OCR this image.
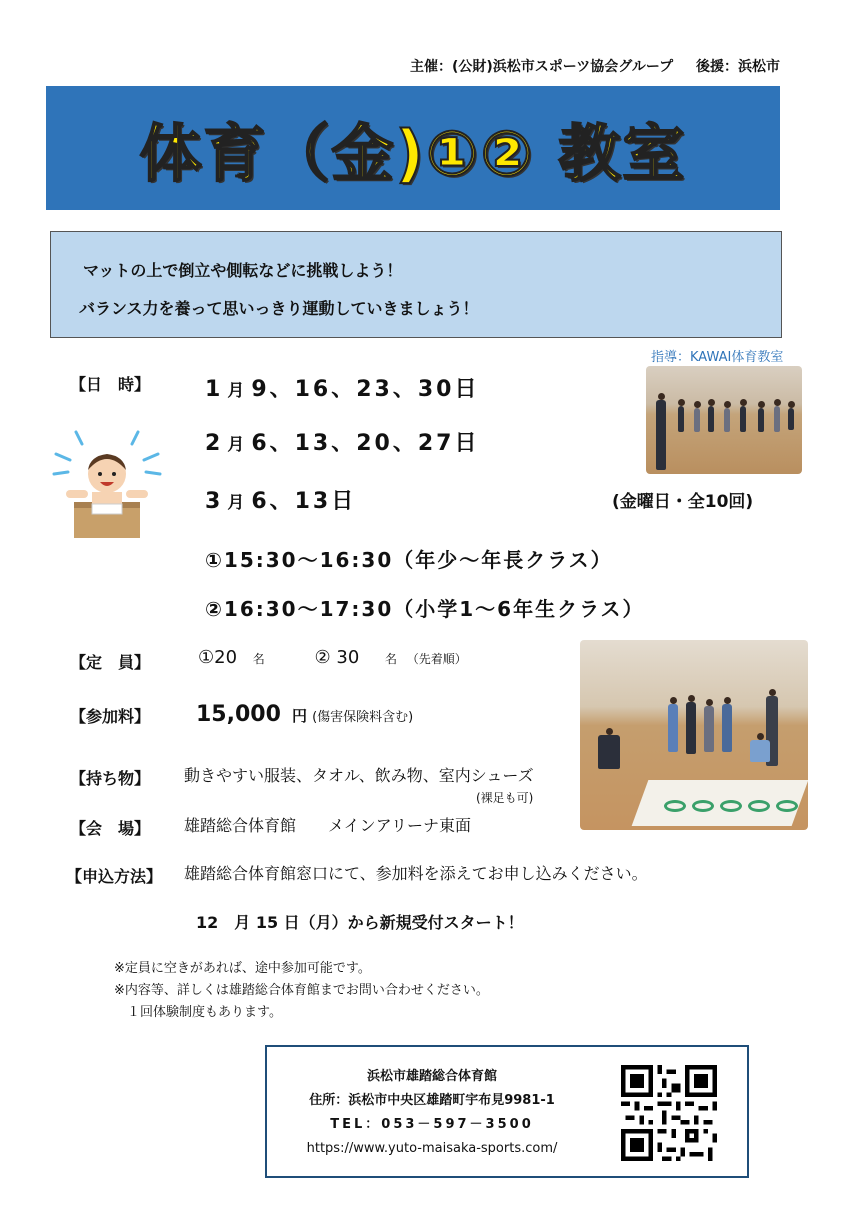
主催：(公財)浜松市スポーツ協会グループ 後援：浜松市
体育（金)①② 教室
マットの上で倒立や側転などに挑戦しよう！
バランス力を養って思いっきり運動していきましょう！
指導：KAWAI体育教室
【日　時】 1 月 9、16、23、30日
2 月 6、13、20、27日
3 月 6、13日	(金曜日・全10回)
①15:30～16:30（年少～年長クラス）
②16:30～17:30（小学1～6年生クラス）
【定　員】	①20 名	② 30 名 （先着順）
【参加料】 15,000 円 (傷害保険料含む)
【持ち物】 動きやすい服装、タオル、飲み物、室内シューズ
(裸足も可)
【会　場】 雄踏総合体育館　　メインアリーナ東面
【申込方法】 雄踏総合体育館窓口にて、参加料を添えてお申し込みください。
12　月 15 日（月）から新規受付スタート！
※定員に空きがあれば、途中参加可能です。
※内容等、詳しくは雄踏総合体育館までお問い合わせください。
　１回体験制度もあります。
浜松市雄踏総合体育館
住所：浜松市中央区雄踏町宇布見9981-1
TEL：053－597－3500
https://www.yuto-maisaka-sports.com/
